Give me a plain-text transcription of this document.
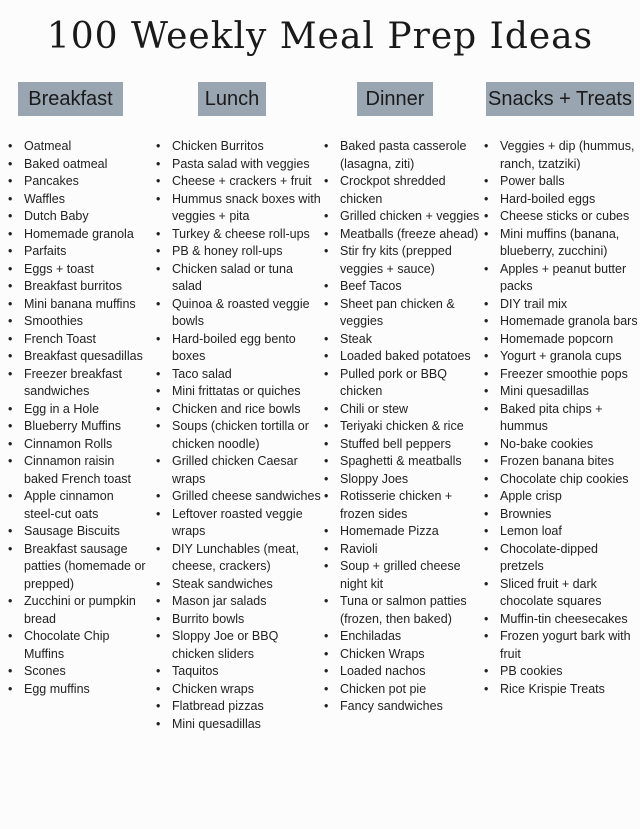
100 Weekly Meal Prep Ideas
Breakfast
• Oatmeal
• Baked oatmeal
• Pancakes
• Waffles
• Dutch Baby
• Homemade granola
• Parfaits
• Eggs + toast
• Breakfast burritos
• Mini banana muffins
• Smoothies
• French Toast
• Breakfast quesadillas
• Freezer breakfast sandwiches
• Egg in a Hole
• Blueberry Muffins
• Cinnamon Rolls
• Cinnamon raisin baked French toast
• Apple cinnamon steel-cut oats
• Sausage Biscuits
• Breakfast sausage patties (homemade or prepped)
• Zucchini or pumpkin bread
• Chocolate Chip Muffins
• Scones
• Egg muffins
Lunch
• Chicken Burritos
• Pasta salad with veggies
• Cheese + crackers + fruit
• Hummus snack boxes with veggies + pita
• Turkey & cheese roll-ups
• PB & honey roll-ups
• Chicken salad or tuna salad
• Quinoa & roasted veggie bowls
• Hard-boiled egg bento boxes
• Taco salad
• Mini frittatas or quiches
• Chicken and rice bowls
• Soups (chicken tortilla or chicken noodle)
• Grilled chicken Caesar wraps
• Grilled cheese sandwiches
• Leftover roasted veggie wraps
• DIY Lunchables (meat, cheese, crackers)
• Steak sandwiches
• Mason jar salads
• Burrito bowls
• Sloppy Joe or BBQ chicken sliders
• Taquitos
• Chicken wraps
• Flatbread pizzas
• Mini quesadillas
Dinner
• Baked pasta casserole (lasagna, ziti)
• Crockpot shredded chicken
• Grilled chicken + veggies
• Meatballs (freeze ahead)
• Stir fry kits (prepped veggies + sauce)
• Beef Tacos
• Sheet pan chicken & veggies
• Steak
• Loaded baked potatoes
• Pulled pork or BBQ chicken
• Chili or stew
• Teriyaki chicken & rice
• Stuffed bell peppers
• Spaghetti & meatballs
• Sloppy Joes
• Rotisserie chicken + frozen sides
• Homemade Pizza
• Ravioli
• Soup + grilled cheese night kit
• Tuna or salmon patties (frozen, then baked)
• Enchiladas
• Chicken Wraps
• Loaded nachos
• Chicken pot pie
• Fancy sandwiches
Snacks + Treats
• Veggies + dip (hummus, ranch, tzatziki)
• Power balls
• Hard-boiled eggs
• Cheese sticks or cubes
• Mini muffins (banana, blueberry, zucchini)
• Apples + peanut butter packs
• DIY trail mix
• Homemade granola bars
• Homemade popcorn
• Yogurt + granola cups
• Freezer smoothie pops
• Mini quesadillas
• Baked pita chips + hummus
• No-bake cookies
• Frozen banana bites
• Chocolate chip cookies
• Apple crisp
• Brownies
• Lemon loaf
• Chocolate-dipped pretzels
• Sliced fruit + dark chocolate squares
• Muffin-tin cheesecakes
• Frozen yogurt bark with fruit
• PB cookies
• Rice Krispie Treats
